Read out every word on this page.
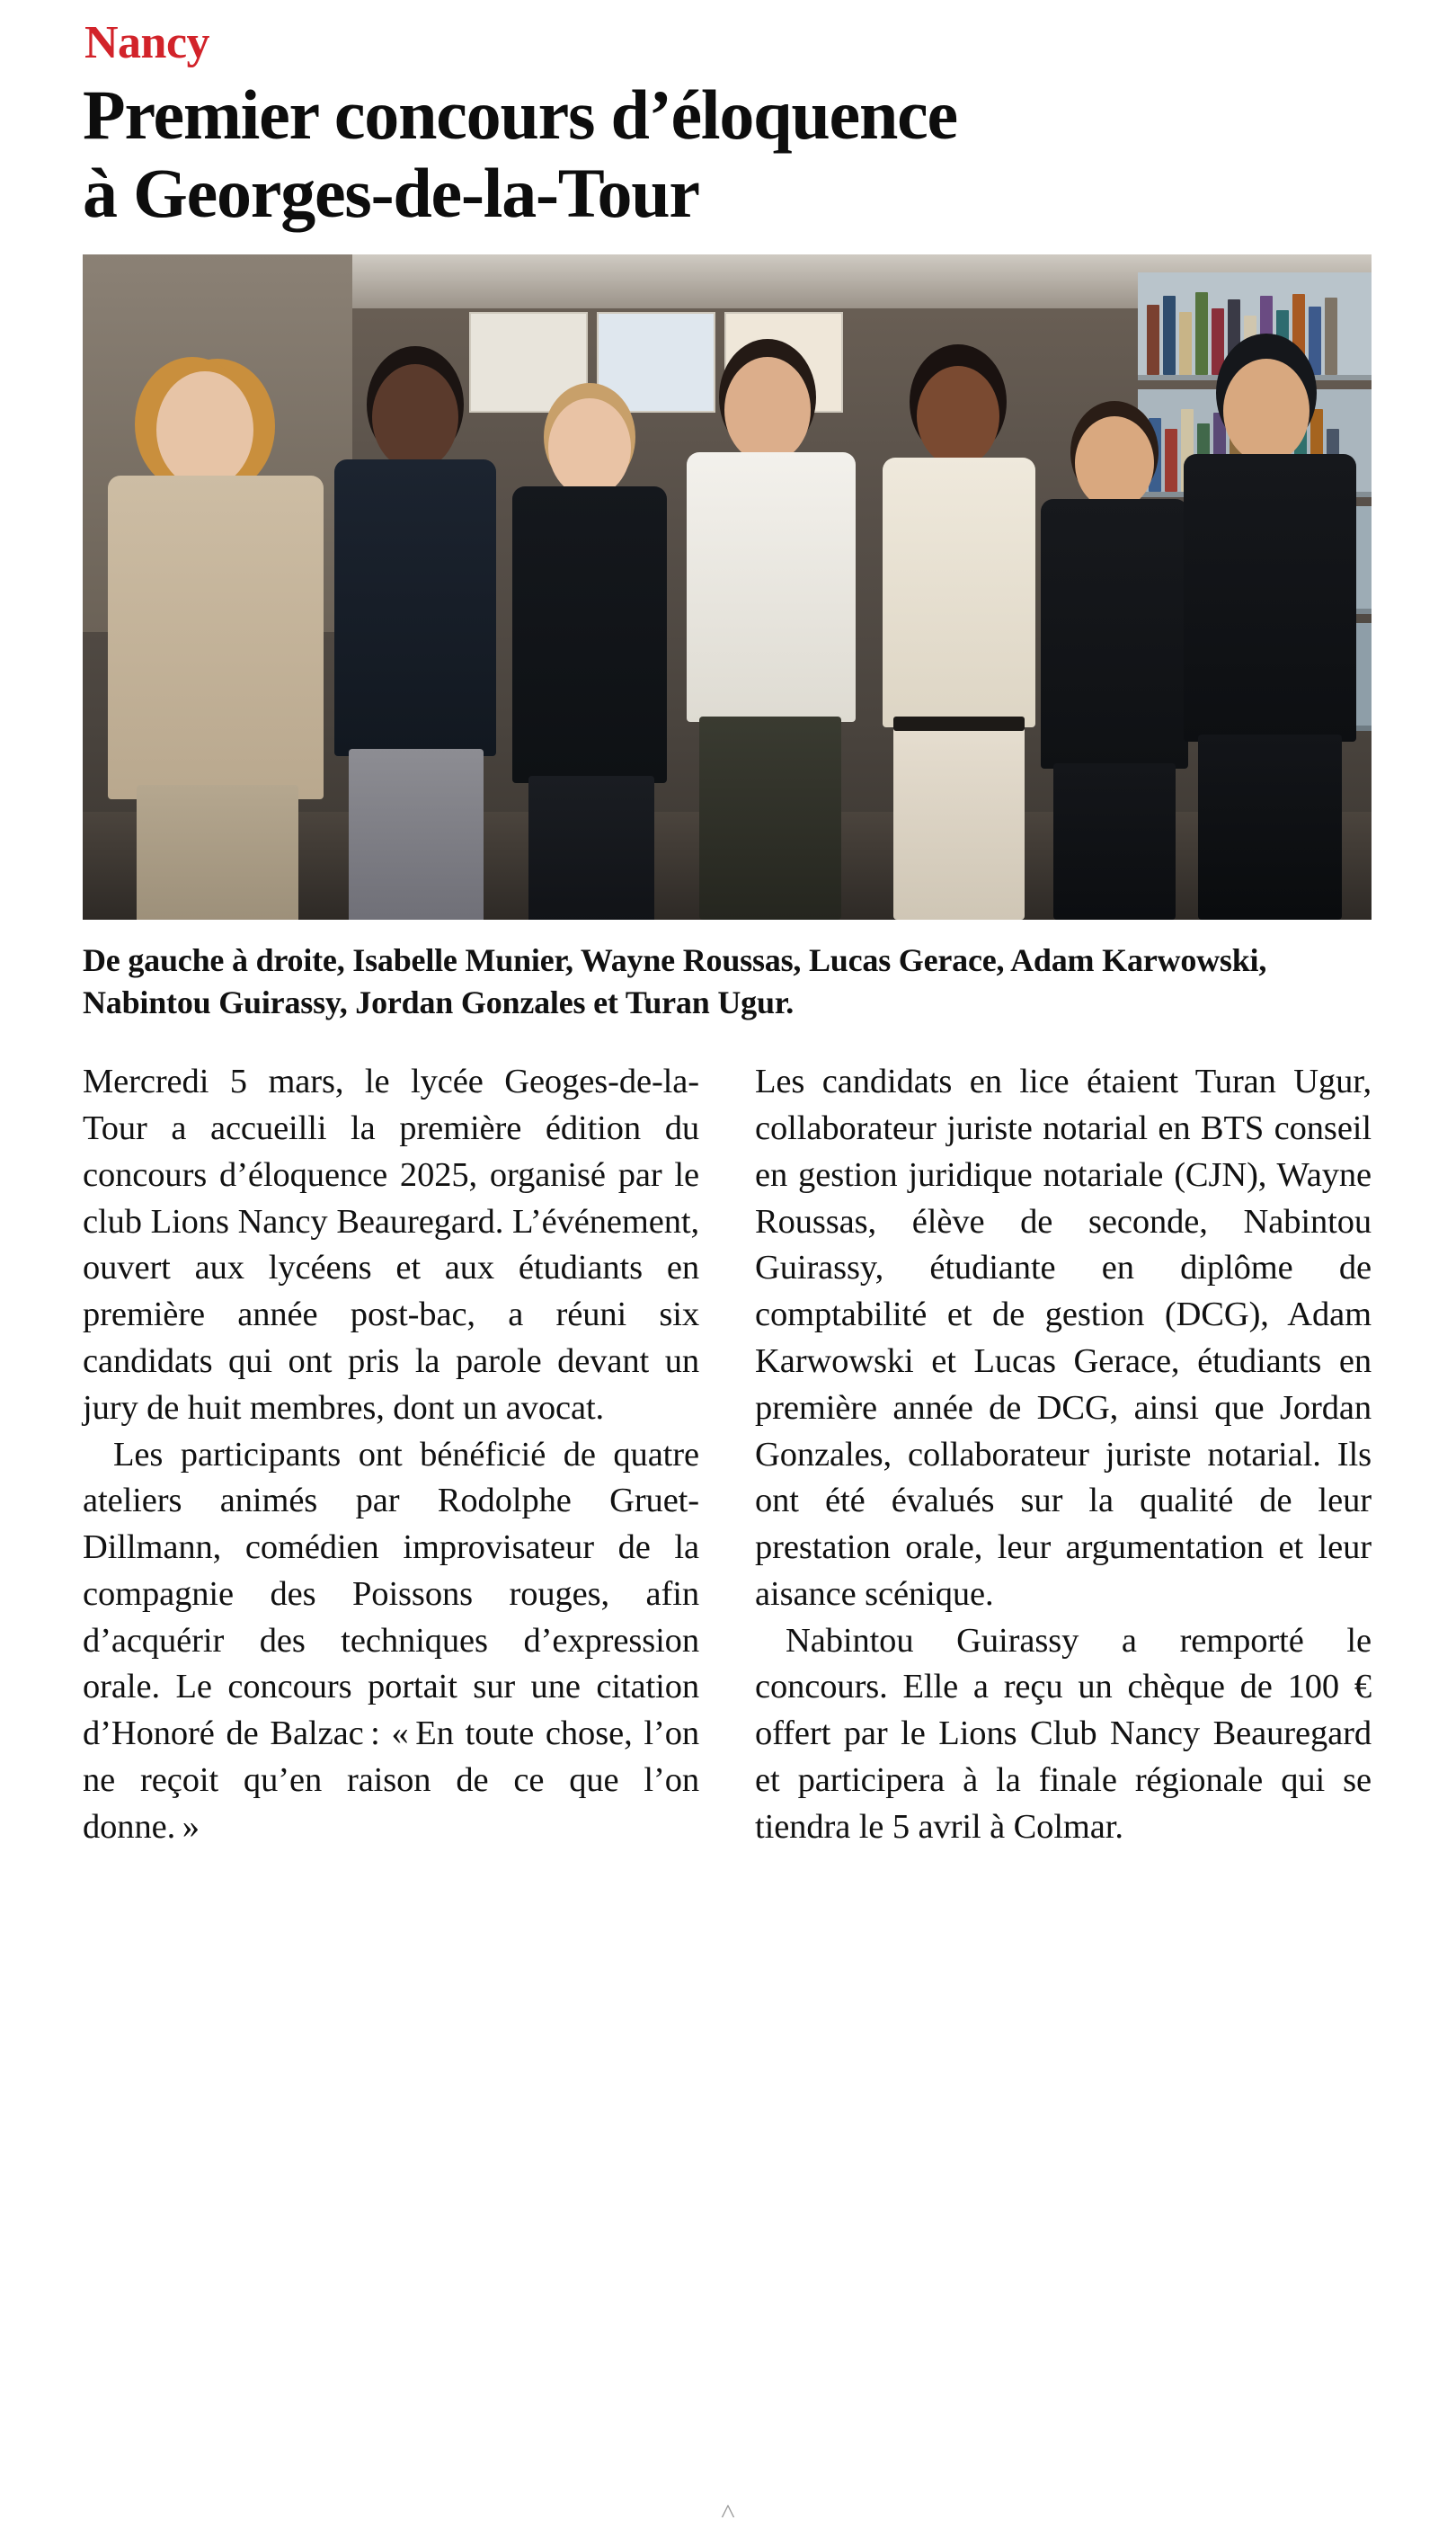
Nancy
Premier concours d’éloquence
à Georges-de-la-Tour
De gauche à droite, Isabelle Munier, Wayne Roussas, Lucas Gerace, Adam Karwowski, Nabintou Guirassy, Jordan Gonzales et Turan Ugur.

Mercredi 5 mars, le lycée Geoges-de-la-Tour a accueilli la première édition du concours d’éloquence 2025, organisé par le club Lions Nancy Beauregard. L’événement, ouvert aux lycéens et aux étudiants en première année post-bac, a réuni six candidats qui ont pris la parole devant un jury de huit membres, dont un avocat.

Les participants ont bénéficié de quatre ateliers animés par Rodolphe Gruet-Dillmann, comédien improvisateur de la compagnie des Poissons rouges, afin d’acquérir des techniques d’expression orale. Le concours portait sur une citation d’Honoré de Balzac : « En toute chose, l’on ne reçoit qu’en raison de ce que l’on donne. »

Les candidats en lice étaient Turan Ugur, collaborateur juriste notarial en BTS conseil en gestion juridique notariale (CJN), Wayne Roussas, élève de seconde, Nabintou Guirassy, étudiante en diplôme de comptabilité et de gestion (DCG), Adam Karwowski et Lucas Gerace, étudiants en première année de DCG, ainsi que Jordan Gonzales, collaborateur juriste notarial. Ils ont été évalués sur la qualité de leur prestation orale, leur argumentation et leur aisance scénique.

Nabintou Guirassy a remporté le concours. Elle a reçu un chèque de 100 € offert par le Lions Club Nancy Beauregard et participera à la finale régionale qui se tiendra le 5 avril à Colmar.

˄
